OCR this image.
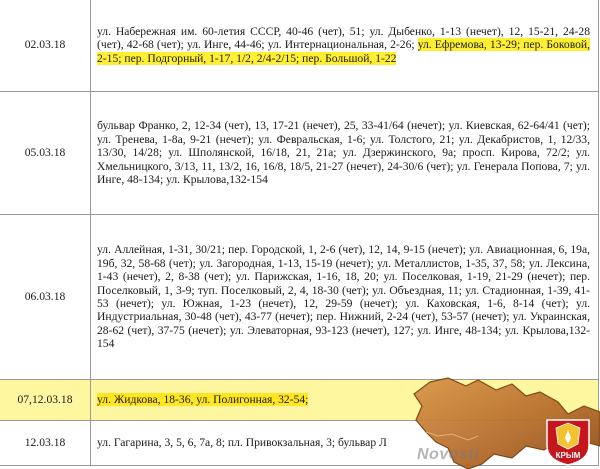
02.03.18	ул. Набережная им. 60-летия СССР, 40-46 (чет), 51; ул. Дыбенко, 1-13 (нечет), 12, 15-21, 24-28 (чет), 42-68 (чет); ул. Инге, 44-46; ул. Интернациональная, 2-26; ул. Ефремова, 13-29; пер. Боковой, 2-15; пер. Подгорный, 1-17, 1/2, 2/4-2/15; пер. Большой, 1-22
05.03.18	бульвар Франко, 2, 12-34 (чет), 13, 17-21 (нечет), 25, 33-41/64 (нечет); ул. Киевская, 62-64/41 (чет); ул. Тренева, 1-8а, 9-21 (нечет); ул. Февральская, 1-6; ул. Толстого, 21; ул. Декабристов, 1, 12/33, 13/30, 14/28; ул. Шполянской, 16/18, 21, 21а; ул. Дзержинского, 9а; просп. Кирова, 72/2; ул. Хмельницкого, 3/13, 11, 13/2, 16, 16/8, 18/5, 21-27 (нечет), 24-30/6 (чет); ул. Генерала Попова, 7; ул. Инге, 48-134; ул. Крылова,132-154
06.03.18	ул. Аллейная, 1-31, 30/21; пер. Городской, 1, 2-6 (чет), 12, 14, 9-15 (нечет); ул. Авиационная, 6, 19а, 19б, 32, 58-68 (чет); ул. Загородная, 1-13, 15-19 (нечет); ул. Металлистов, 1-35, 37, 58; ул. Лексина, 1-43 (нечет), 2, 8-38 (чет); ул. Парижская, 1-16, 18, 20; ул. Поселковая, 1-19, 21-29 (нечет); пер. Поселковый, 1, 3-9; туп. Поселковый, 2, 4, 18-30 (чет); ул. Объездная, 11; ул. Стадионная, 1-39, 41-53 (нечет); ул. Южная, 1-23 (нечет), 12, 29-59 (нечет); ул. Каховская, 1-6, 8-14 (чет); ул. Индустриальная, 30-48 (чет), 43-77 (нечет); пер. Нижний, 2-24 (чет), 53-57 (нечет); ул. Украинская, 28-62 (чет), 37-75 (нечет); ул. Элеваторная, 93-123 (нечет), 127; ул. Инге, 48-134; ул. Крылова,132-154
07,12.03.18	ул. Жидкова, 18-36, ул. Полигонная, 32-54;
12.03.18	ул. Гагарина, 3, 5, 6, 7а, 8; пл. Привокзальная, 3; бульвар Л
Novosti	КРЫМ
